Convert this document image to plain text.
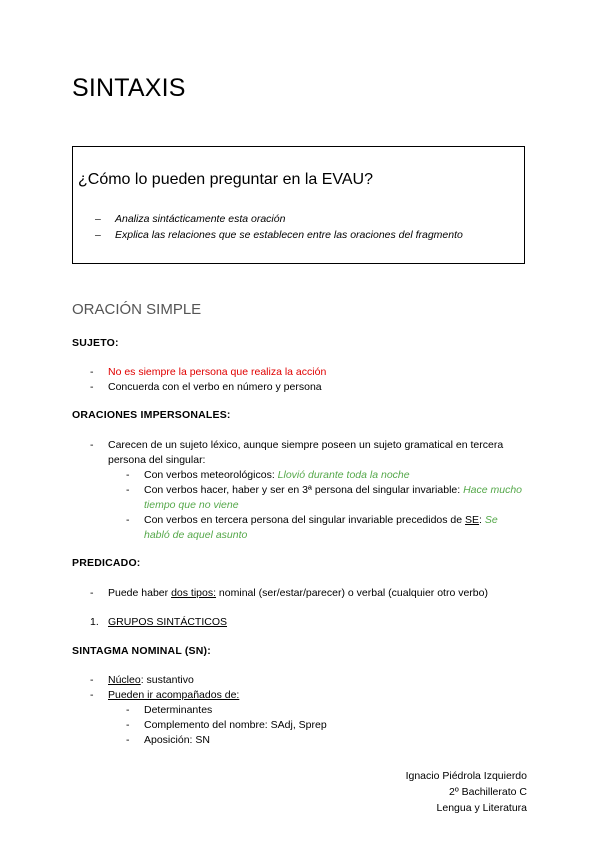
SINTAXIS
¿Cómo lo pueden preguntar en la EVAU?
– Analiza sintácticamente esta oración
– Explica las relaciones que se establecen entre las oraciones del fragmento
ORACIÓN SIMPLE
SUJETO:
- No es siempre la persona que realiza la acción
- Concuerda con el verbo en número y persona
ORACIONES IMPERSONALES:
- Carecen de un sujeto léxico, aunque siempre poseen un sujeto gramatical en tercera persona del singular:
- Con verbos meteorológicos: Llovió durante toda la noche
- Con verbos hacer, haber y ser en 3ª persona del singular invariable: Hace mucho tiempo que no viene
- Con verbos en tercera persona del singular invariable precedidos de SE: Se habló de aquel asunto
PREDICADO:
- Puede haber dos tipos: nominal (ser/estar/parecer) o verbal (cualquier otro verbo)
1. GRUPOS SINTÁCTICOS
SINTAGMA NOMINAL (SN):
- Núcleo: sustantivo
- Pueden ir acompañados de:
- Determinantes
- Complemento del nombre: SAdj, Sprep
- Aposición: SN
Ignacio Piédrola Izquierdo
2º Bachillerato C
Lengua y Literatura
